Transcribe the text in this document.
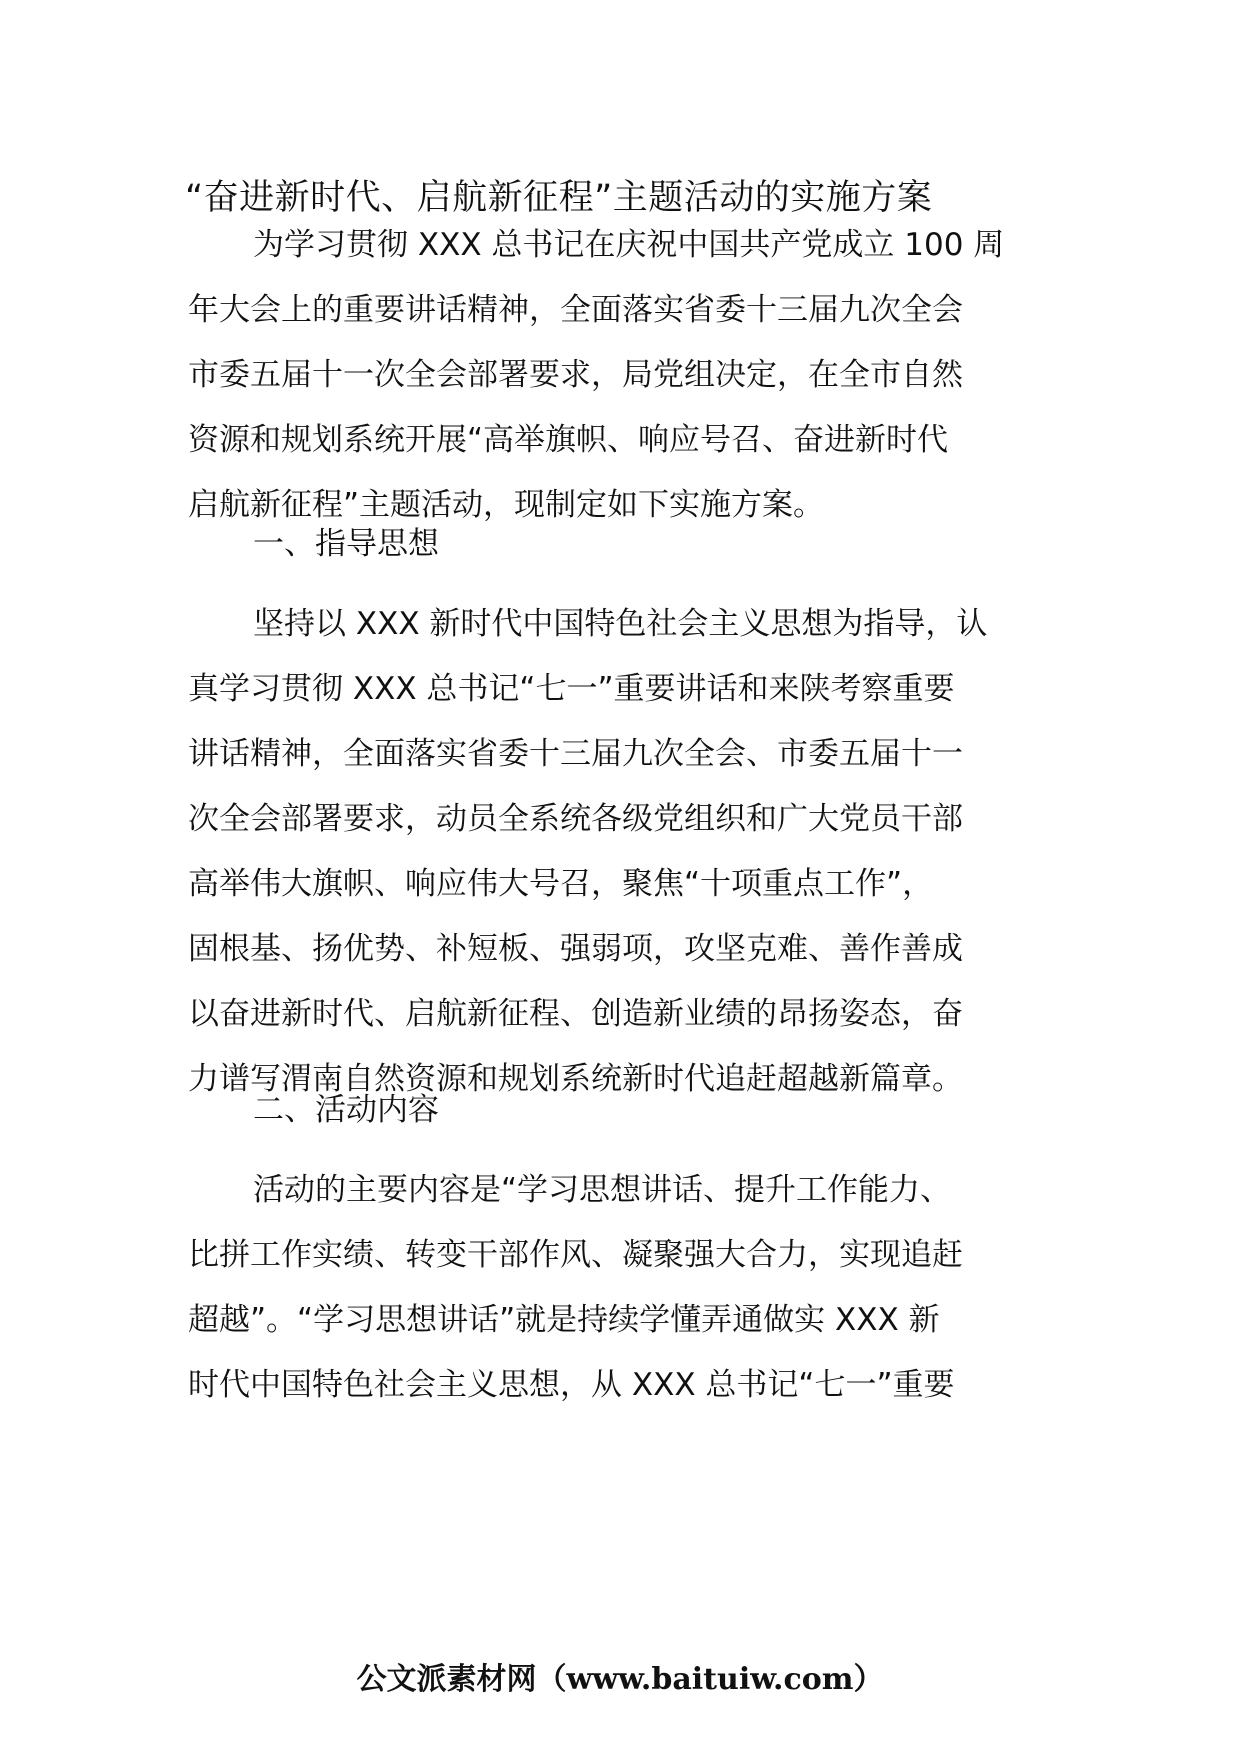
“奋进新时代、启航新征程”主题活动的实施方案

为学习贯彻 XXX 总书记在庆祝中国共产党成立 100 周
年大会上的重要讲话精神，全面落实省委十三届九次全会
市委五届十一次全会部署要求，局党组决定，在全市自然
资源和规划系统开展“高举旗帜、响应号召、奋进新时代
启航新征程”主题活动，现制定如下实施方案。

一、指导思想

坚持以 XXX 新时代中国特色社会主义思想为指导，认
真学习贯彻 XXX 总书记“七一”重要讲话和来陕考察重要
讲话精神，全面落实省委十三届九次全会、市委五届十一
次全会部署要求，动员全系统各级党组织和广大党员干部
高举伟大旗帜、响应伟大号召，聚焦“十项重点工作”，
固根基、扬优势、补短板、强弱项，攻坚克难、善作善成
以奋进新时代、启航新征程、创造新业绩的昂扬姿态，奋
力谱写渭南自然资源和规划系统新时代追赶超越新篇章。

二、活动内容

活动的主要内容是“学习思想讲话、提升工作能力、
比拼工作实绩、转变干部作风、凝聚强大合力，实现追赶
超越”。“学习思想讲话”就是持续学懂弄通做实 XXX 新
时代中国特色社会主义思想，从 XXX 总书记“七一”重要

公文派素材网（www.baituiw.com）
